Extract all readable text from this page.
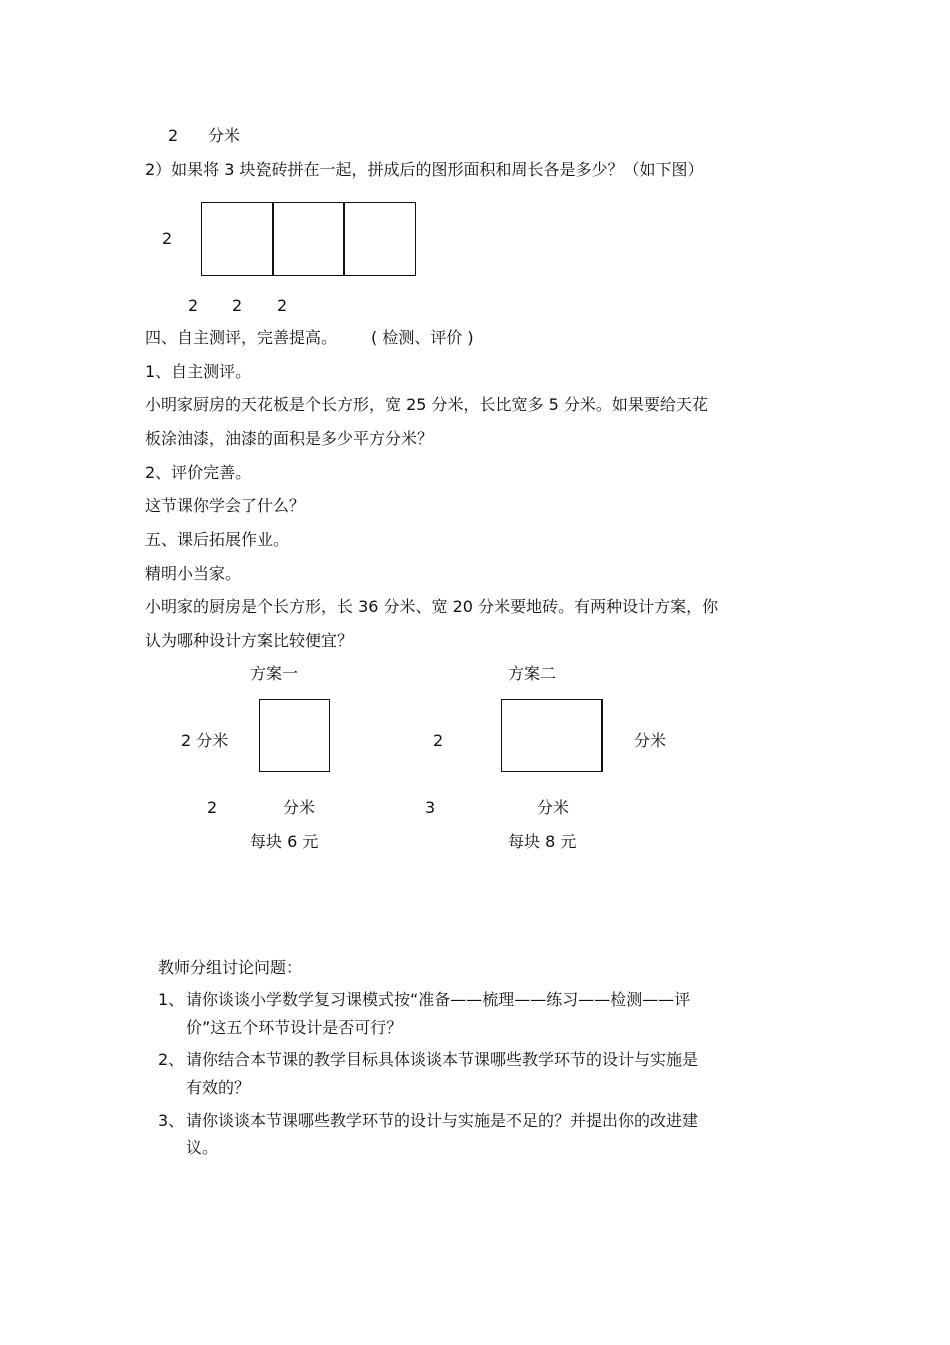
2 分米
2）如果将 3 块瓷砖拼在一起，拼成后的图形面积和周长各是多少？（如下图）
2
2 2 2
四、自主测评，完善提高。 ( 检测、评价 )
1、自主测评。
小明家厨房的天花板是个长方形，宽 25 分米，长比宽多 5 分米。如果要给天花
板涂油漆，油漆的面积是多少平方分米？
2、评价完善。
这节课你学会了什么？
五、课后拓展作业。
精明小当家。
小明家的厨房是个长方形，长 36 分米、宽 20 分米要地砖。有两种设计方案，你
认为哪种设计方案比较便宜？
方案一
2 分米
2	分米
每块 6 元
方案二
2	分米
3	分米
每块 8 元
教师分组讨论问题：
1、 请你谈谈小学数学复习课模式按“准备——梳理——练习——检测——评
价”这五个环节设计是否可行？
2、 请你结合本节课的教学目标具体谈谈本节课哪些教学环节的设计与实施是
有效的？
3、 请你谈谈本节课哪些教学环节的设计与实施是不足的？并提出你的改进建
议。
